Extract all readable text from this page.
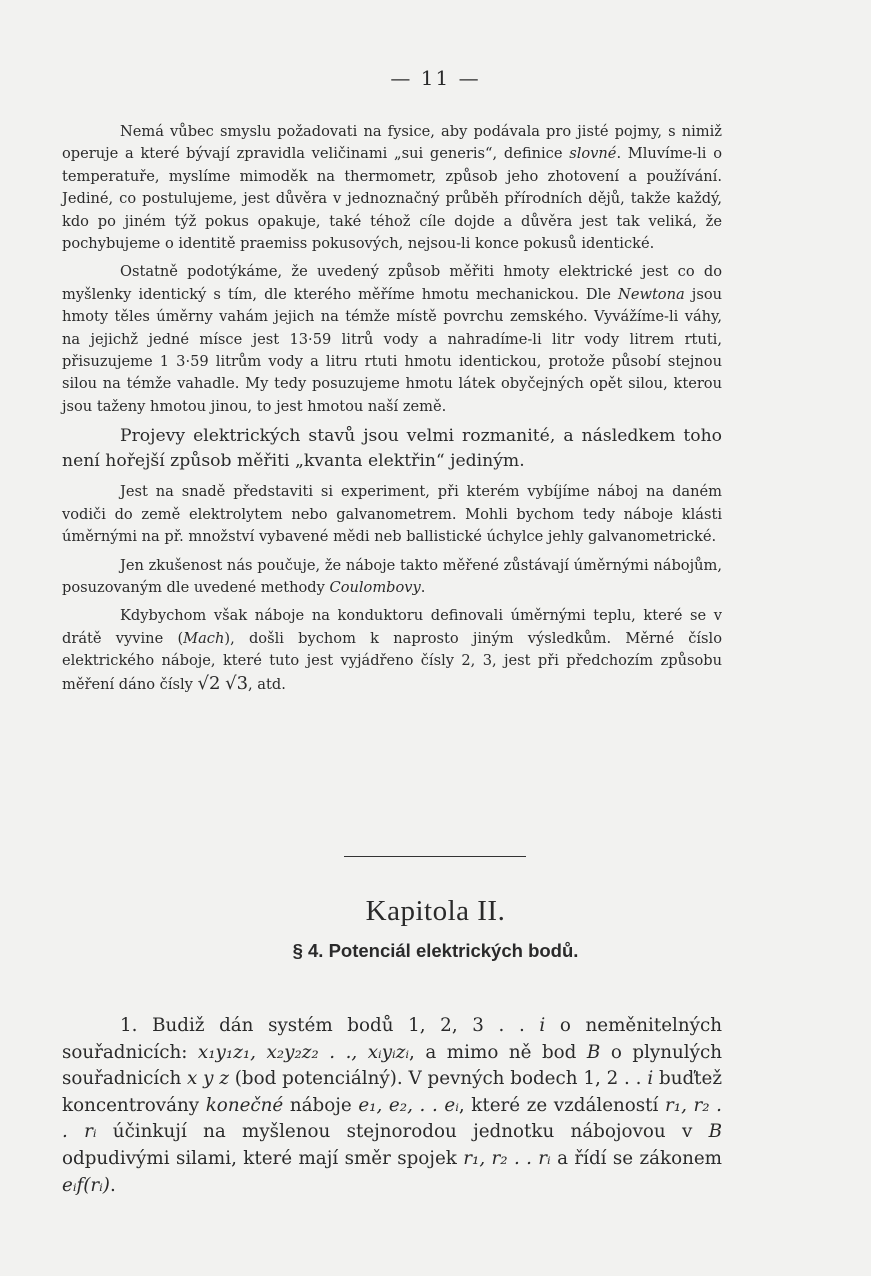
— 11 —

Nemá vůbec smyslu požadovati na fysice, aby podávala pro jisté pojmy, s nimiž operuje a které bývají zpravidla veličinami „sui generis“, definice slovné. Mluvíme-li o temperatuře, myslíme mimoděk na thermometr, způsob jeho zhotovení a používání. Jediné, co postulujeme, jest důvěra v jednoznačný průběh přírodních dějů, takže každý, kdo po jiném týž pokus opakuje, také téhož cíle dojde a důvěra jest tak veliká, že pochybujeme o identitě praemiss pokusových, nejsou-li konce pokusů identické.

Ostatně podotýkáme, že uvedený způsob měřiti hmoty elektrické jest co do myšlenky identický s tím, dle kterého měříme hmotu mechanickou. Dle Newtona jsou hmoty těles úměrny vahám jejich na témže místě povrchu zemského. Vyvážíme-li váhy, na jejichž jedné mísce jest 13·59 litrů vody a nahradíme-li litr vody litrem rtuti, přisuzujeme 1 3·59 litrům vody a litru rtuti hmotu identickou, protože působí stejnou silou na témže vahadle. My tedy posuzujeme hmotu látek obyčejných opět silou, kterou jsou taženy hmotou jinou, to jest hmotou naší země.

Projevy elektrických stavů jsou velmi rozmanité, a následkem toho není hořejší způsob měřiti „kvanta elektřin“ jediným.

Jest na snadě představiti si experiment, při kterém vybíjíme náboj na daném vodiči do země elektrolytem nebo galvanometrem. Mohli bychom tedy náboje klásti úměrnými na př. množství vybavené mědi neb ballistické úchylce jehly galvanometrické.

Jen zkušenost nás poučuje, že náboje takto měřené zůstávají úměrnými nábojům, posuzovaným dle uvedené methody Coulombovy.

Kdybychom však náboje na konduktoru definovali úměrnými teplu, které se v drátě vyvine (Mach), došli bychom k naprosto jiným výsledkům. Měrné číslo elektrického náboje, které tuto jest vyjádřeno čísly 2, 3, jest při předchozím způsobu měření dáno čísly √2 √3, atd.

Kapitola II.
§ 4. Potenciál elektrických bodů.

1. Budiž dán systém bodů 1, 2, 3 . . i o neměnitelných souřadnicích: x₁y₁z₁, x₂y₂z₂ . ., xᵢyᵢzᵢ, a mimo ně bod B o plynulých souřadnicích x y z (bod potenciálný). V pevných bodech 1, 2 . . i buďtež koncentrovány konečné náboje e₁, e₂, . . eᵢ, které ze vzdáleností r₁, r₂ . . rᵢ účinkují na myšlenou stejnorodou jednotku nábojovou v B odpudivými silami, které mají směr spojek r₁, r₂ . . rᵢ a řídí se zákonem eᵢf(rᵢ).
